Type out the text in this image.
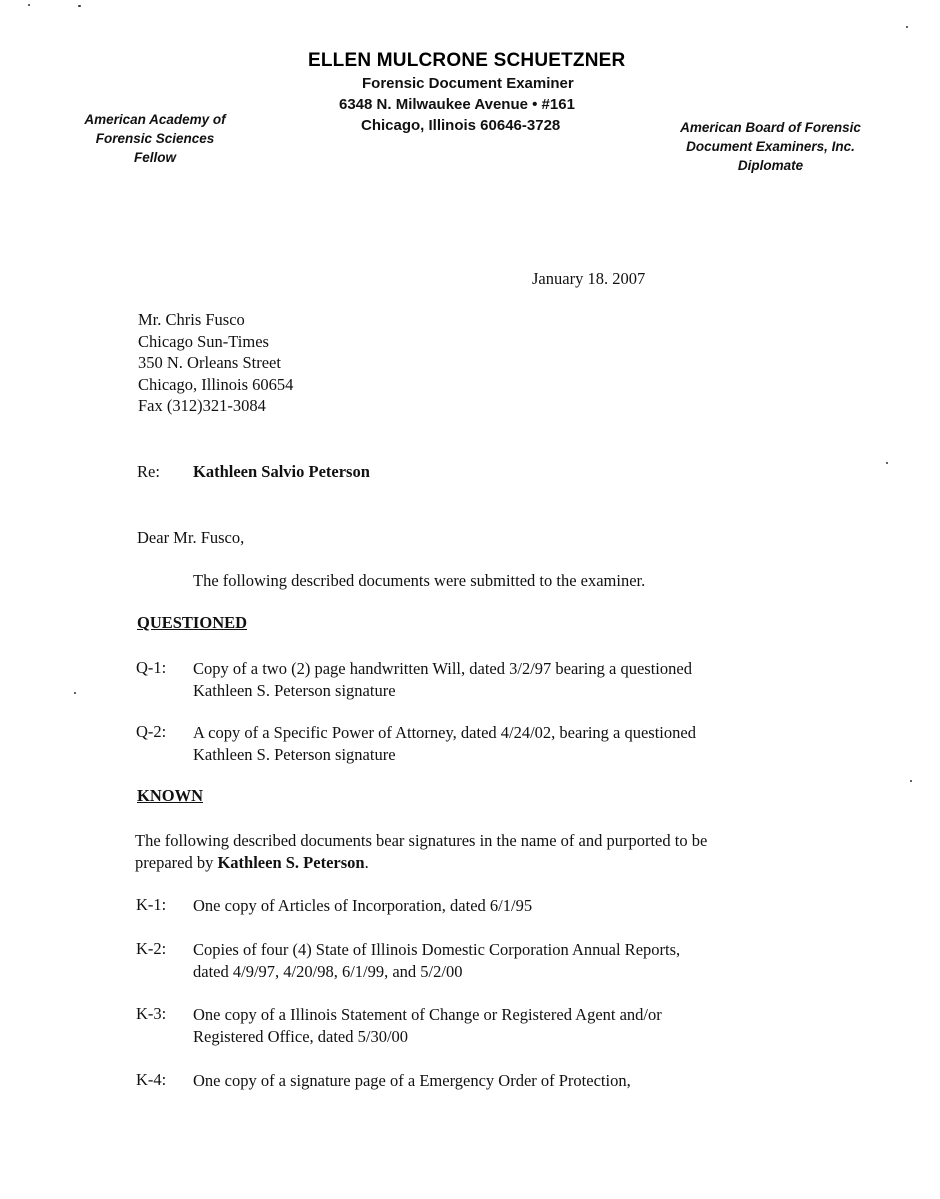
ELLEN MULCRONE SCHUETZNER
Forensic Document Examiner
6348 N. Milwaukee Avenue • #161
Chicago, Illinois 60646-3728
American Academy of
Forensic Sciences
Fellow
American Board of Forensic
Document Examiners, Inc.
Diplomate
January 18. 2007
Mr. Chris Fusco
Chicago Sun-Times
350 N. Orleans Street
Chicago, Illinois 60654
Fax (312)321-3084
Re: Kathleen Salvio Peterson
Dear Mr. Fusco,
The following described documents were submitted to the examiner.
QUESTIONED
Q-1: Copy of a two (2) page handwritten Will, dated 3/2/97 bearing a questioned
Kathleen S. Peterson signature
Q-2: A copy of a Specific Power of Attorney, dated 4/24/02, bearing a questioned
Kathleen S. Peterson signature
KNOWN
The following described documents bear signatures in the name of and purported to be
prepared by Kathleen S. Peterson.
K-1: One copy of Articles of Incorporation, dated 6/1/95
K-2: Copies of four (4) State of Illinois Domestic Corporation Annual Reports,
dated 4/9/97, 4/20/98, 6/1/99, and 5/2/00
K-3: One copy of a Illinois Statement of Change or Registered Agent and/or
Registered Office, dated 5/30/00
K-4: One copy of a signature page of a Emergency Order of Protection,
